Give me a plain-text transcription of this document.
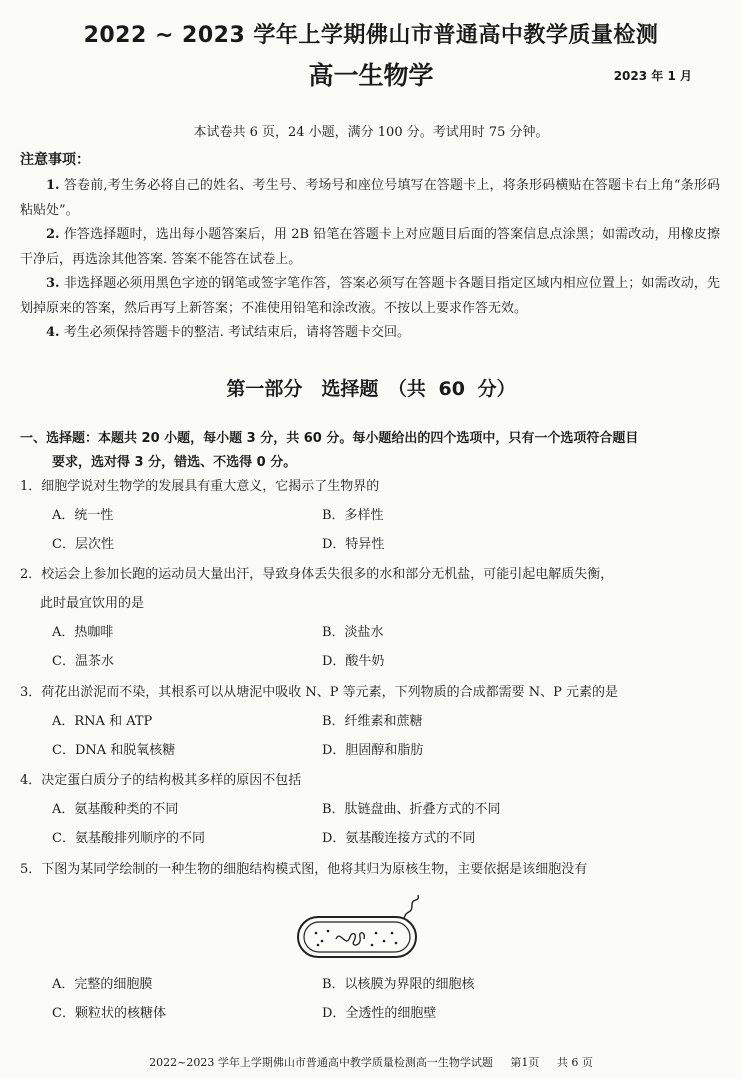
2022 ~ 2023 学年上学期佛山市普通高中教学质量检测
高一生物学	2023 年 1 月
本试卷共 6 页，24 小题，满分 100 分。考试用时 75 分钟。
注意事项：
1. 答卷前,考生务必将自己的姓名、考生号、考场号和座位号填写在答题卡上，将条形码横贴在答题卡右上角“条形码粘贴处”。
2. 作答选择题时，选出每小题答案后，用 2B 铅笔在答题卡上对应题目后面的答案信息点涂黑；如需改动，用橡皮擦干净后，再选涂其他答案. 答案不能答在试卷上。
3. 非选择题必须用黑色字迹的钢笔或签字笔作答，答案必须写在答题卡各题目指定区域内相应位置上；如需改动，先划掉原来的答案，然后再写上新答案；不准使用铅笔和涂改液。不按以上要求作答无效。
4. 考生必须保持答题卡的整洁. 考试结束后，请将答题卡交回。
第一部分　选择题　（共 60 分）
一、选择题：本题共 20 小题，每小题 3 分，共 60 分。每小题给出的四个选项中，只有一个选项符合题目
要求，选对得 3 分，错选、不选得 0 分。
1．细胞学说对生物学的发展具有重大意义，它揭示了生物界的
A．统一性	B．多样性
C．层次性	D．特异性
2．校运会上参加长跑的运动员大量出汗，导致身体丢失很多的水和部分无机盐，可能引起电解质失衡，
此时最宜饮用的是
A．热咖啡	B．淡盐水
C．温茶水	D．酸牛奶
3．荷花出淤泥而不染，其根系可以从塘泥中吸收 N、P 等元素，下列物质的合成都需要 N、P 元素的是
A．RNA 和 ATP	B．纤维素和蔗糖
C．DNA 和脱氧核糖	D．胆固醇和脂肪
4．决定蛋白质分子的结构极其多样的原因不包括
A．氨基酸种类的不同	B．肽链盘曲、折叠方式的不同
C．氨基酸排列顺序的不同	D．氨基酸连接方式的不同
5．下图为某同学绘制的一种生物的细胞结构模式图，他将其归为原核生物，主要依据是该细胞没有
A．完整的细胞膜	B．以核膜为界限的细胞核
C．颗粒状的核糖体	D．全透性的细胞壁
2022~2023 学年上学期佛山市普通高中教学质量检测高一生物学试题 第1页 共 6 页
